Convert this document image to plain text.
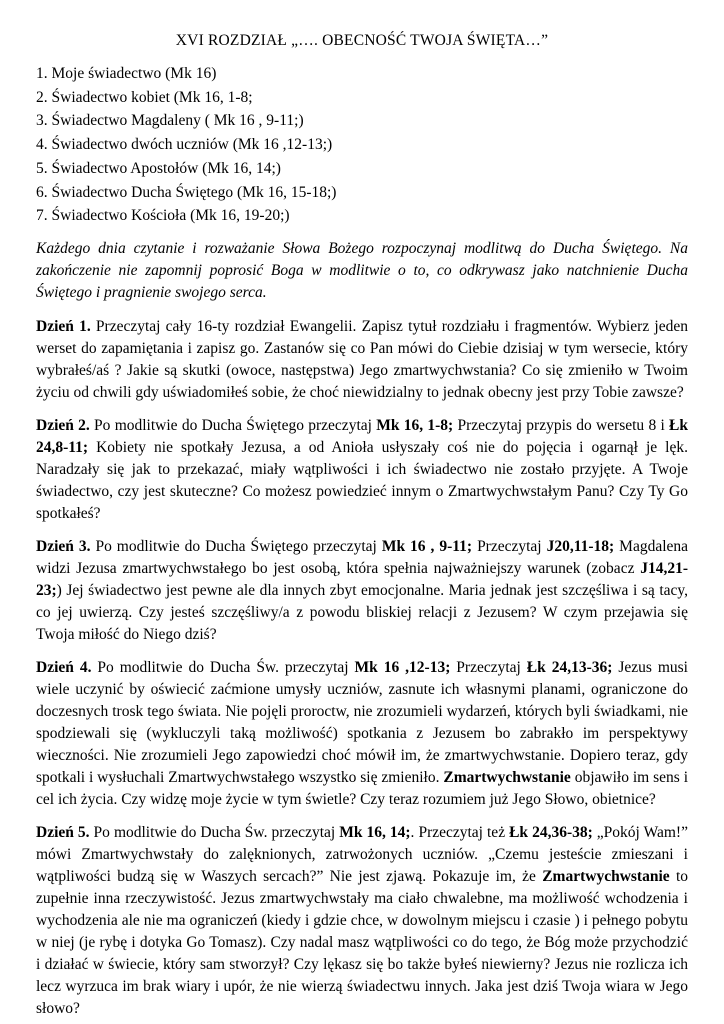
XVI ROZDZIAŁ „…. OBECNOŚĆ TWOJA ŚWIĘTA…”

1. Moje świadectwo (Mk 16)

2. Świadectwo kobiet (Mk 16, 1-8;

3. Świadectwo Magdaleny ( Mk 16 , 9-11;)

4. Świadectwo dwóch uczniów (Mk 16 ,12-13;)

5. Świadectwo Apostołów (Mk 16, 14;)

6. Świadectwo Ducha Świętego (Mk 16, 15-18;)

7. Świadectwo Kościoła (Mk 16, 19-20;)

Każdego dnia czytanie i rozważanie Słowa Bożego rozpoczynaj modlitwą do Ducha Świętego. Na zakończenie nie zapomnij poprosić Boga w modlitwie o to, co odkrywasz jako natchnienie Ducha Świętego i pragnienie swojego serca.

Dzień 1. Przeczytaj cały 16-ty rozdział Ewangelii. Zapisz tytuł rozdziału i fragmentów. Wybierz jeden werset do zapamiętania i zapisz go. Zastanów się co Pan mówi do Ciebie dzisiaj w tym wersecie, który wybrałeś/aś ? Jakie są skutki (owoce, następstwa) Jego zmartwychwstania? Co się zmieniło w Twoim życiu od chwili gdy uświadomiłeś sobie, że choć niewidzialny to jednak obecny jest przy Tobie zawsze?

Dzień 2. Po modlitwie do Ducha Świętego przeczytaj Mk 16, 1-8; Przeczytaj przypis do wersetu 8 i Łk 24,8-11; Kobiety nie spotkały Jezusa, a od Anioła usłyszały coś nie do pojęcia i ogarnął je lęk. Naradzały się jak to przekazać, miały wątpliwości i ich świadectwo nie zostało przyjęte. A Twoje świadectwo, czy jest skuteczne? Co możesz powiedzieć innym o Zmartwychwstałym Panu? Czy Ty Go spotkałeś?

Dzień 3. Po modlitwie do Ducha Świętego przeczytaj Mk 16 , 9-11; Przeczytaj J20,11-18; Magdalena widzi Jezusa zmartwychwstałego bo jest osobą, która spełnia najważniejszy warunek (zobacz J14,21-23;) Jej świadectwo jest pewne ale dla innych zbyt emocjonalne. Maria jednak jest szczęśliwa i są tacy, co jej uwierzą. Czy jesteś szczęśliwy/a z powodu bliskiej relacji z Jezusem? W czym przejawia się Twoja miłość do Niego dziś?

Dzień 4. Po modlitwie do Ducha Św. przeczytaj Mk 16 ,12-13; Przeczytaj Łk 24,13-36; Jezus musi wiele uczynić by oświecić zaćmione umysły uczniów, zasnute ich własnymi planami, ograniczone do doczesnych trosk tego świata. Nie pojęli proroctw, nie zrozumieli wydarzeń, których byli świadkami, nie spodziewali się (wykluczyli taką możliwość) spotkania z Jezusem bo zabrakło im perspektywy wieczności. Nie zrozumieli Jego zapowiedzi choć mówił im, że zmartwychwstanie. Dopiero teraz, gdy spotkali i wysłuchali Zmartwychwstałego wszystko się zmieniło. Zmartwychwstanie objawiło im sens i cel ich życia. Czy widzę moje życie w tym świetle? Czy teraz rozumiem już Jego Słowo, obietnice?

Dzień 5. Po modlitwie do Ducha Św. przeczytaj Mk 16, 14;. Przeczytaj też Łk 24,36-38; „Pokój Wam!” mówi Zmartwychwstały do zalęknionych, zatrwożonych uczniów. „Czemu jesteście zmieszani i wątpliwości budzą się w Waszych sercach?” Nie jest zjawą. Pokazuje im, że Zmartwychwstanie to zupełnie inna rzeczywistość. Jezus zmartwychwstały ma ciało chwalebne, ma możliwość wchodzenia i wychodzenia ale nie ma ograniczeń (kiedy i gdzie chce, w dowolnym miejscu i czasie ) i pełnego pobytu w niej (je rybę i dotyka Go Tomasz). Czy nadal masz wątpliwości co do tego, że Bóg może przychodzić i działać w świecie, który sam stworzył? Czy lękasz się bo także byłeś niewierny? Jezus nie rozlicza ich lecz wyrzuca im brak wiary i upór, że nie wierzą świadectwu innych. Jaka jest dziś Twoja wiara w Jego słowo?
